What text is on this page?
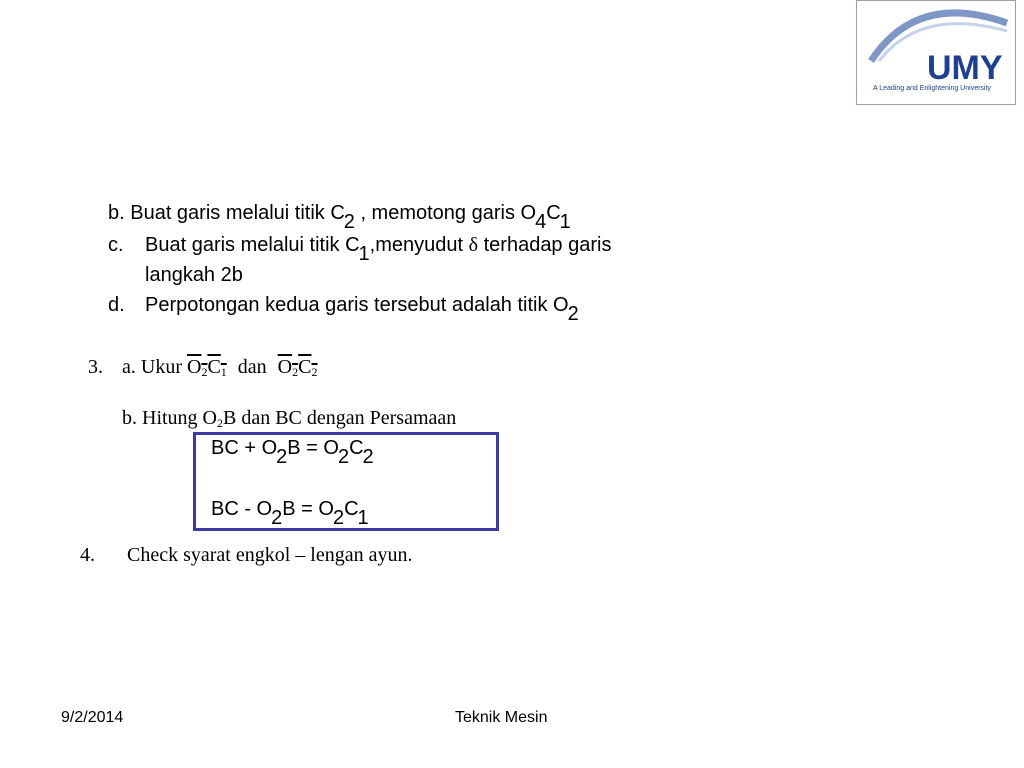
UMY
A Leading and Enlightening University
b. Buat garis melalui titik C2 , memotong garis O4C1
c. Buat garis melalui titik C1,menyudut δ terhadap garis
langkah 2b
d. Perpotongan kedua garis tersebut adalah titik O2
3. a. Ukur O2C1 dan O2C2
b. Hitung O2B dan BC dengan Persamaan
BC + O2B = O2C2
BC - O2B = O2C1
4. Check syarat engkol – lengan ayun.
9/2/2014	Teknik Mesin
